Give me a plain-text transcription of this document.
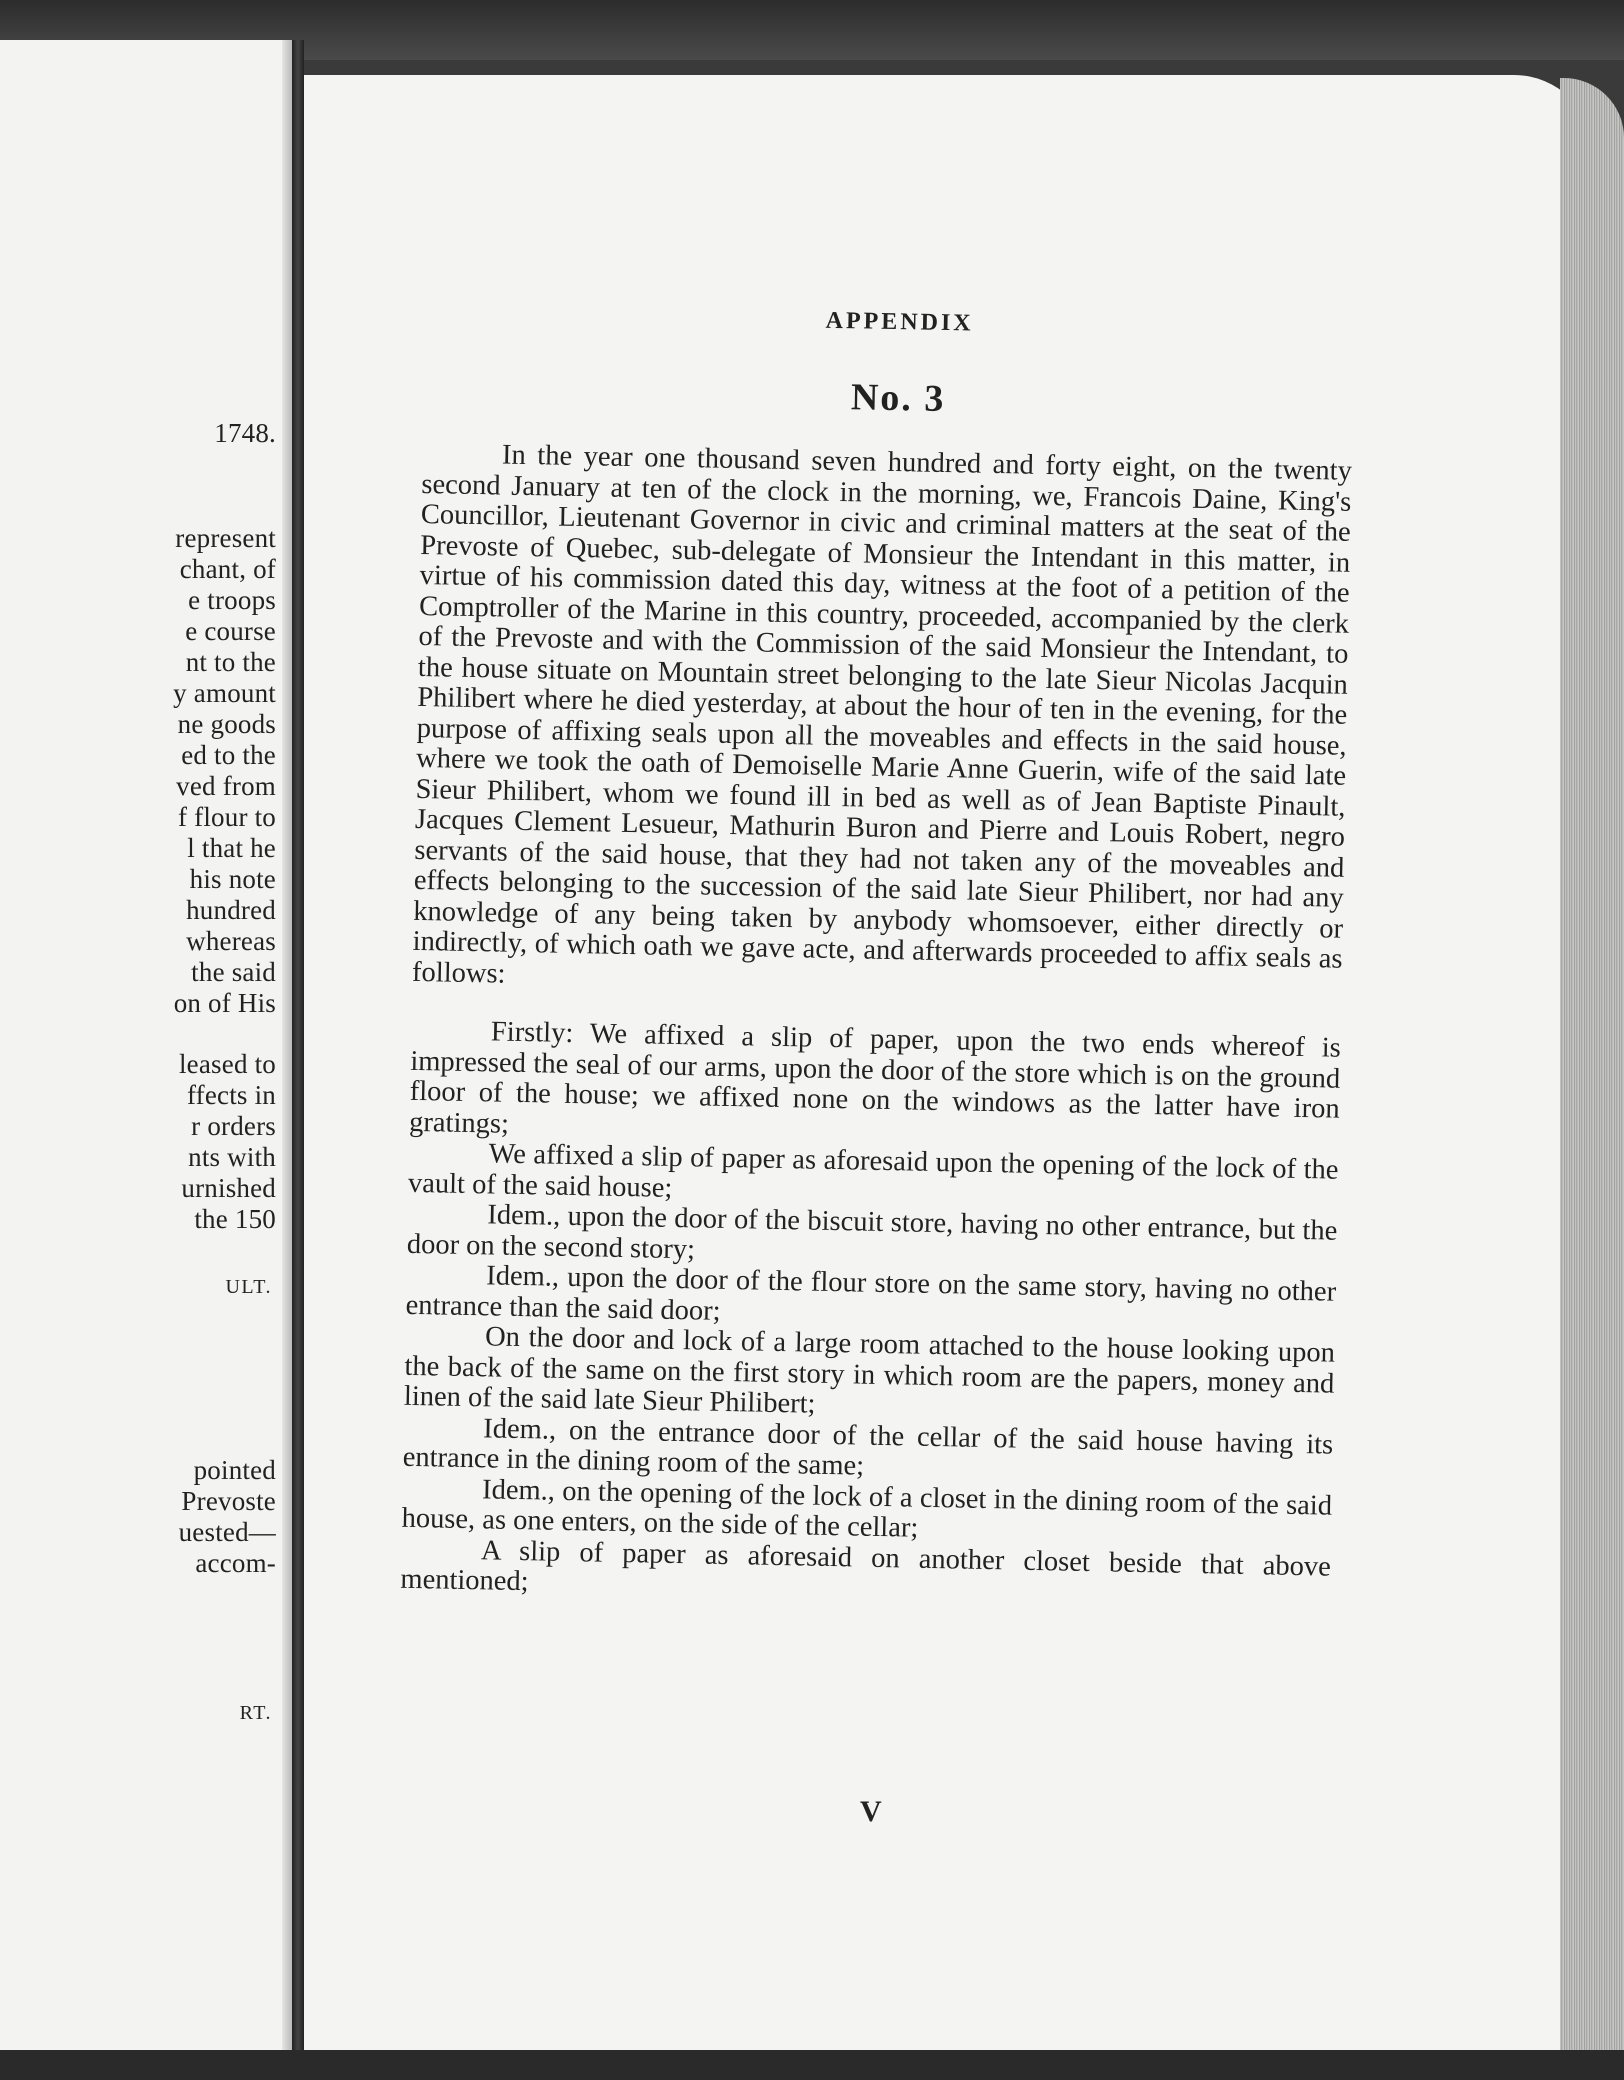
1748.
represent
chant, of
e troops
e course
nt to the
y amount
ne goods
ed to the
ved from
f flour to
l that he
his note
hundred
whereas
the said
on of His
leased to
ffects in
r orders
nts with
urnished
the 150
pointed
Prevoste
uested—
accom-
ULT.
RT.
APPENDIX
No. 3

In the year one thousand seven hundred and forty eight, on the twenty second January at ten of the clock in the morning, we, Francois Daine, King's Councillor, Lieutenant Governor in civic and criminal matters at the seat of the Prevoste of Quebec, sub-delegate of Monsieur the Intendant in this matter, in virtue of his commission dated this day, witness at the foot of a petition of the Comptroller of the Marine in this country, proceeded, accompanied by the clerk of the Prevoste and with the Commission of the said Monsieur the Intendant, to the house situate on Mountain street belonging to the late Sieur Nicolas Jacquin Philibert where he died yesterday, at about the hour of ten in the evening, for the purpose of affixing seals upon all the moveables and effects in the said house, where we took the oath of Demoiselle Marie Anne Guerin, wife of the said late Sieur Philibert, whom we found ill in bed as well as of Jean Baptiste Pinault, Jacques Clement Lesueur, Mathurin Buron and Pierre and Louis Robert, negro servants of the said house, that they had not taken any of the moveables and effects belonging to the succession of the said late Sieur Philibert, nor had any knowledge of any being taken by anybody whomsoever, either directly or indirectly, of which oath we gave acte, and afterwards proceeded to affix seals as follows:

Firstly: We affixed a slip of paper, upon the two ends whereof is impressed the seal of our arms, upon the door of the store which is on the ground floor of the house; we affixed none on the windows as the latter have iron gratings;

We affixed a slip of paper as aforesaid upon the opening of the lock of the vault of the said house;

Idem., upon the door of the biscuit store, having no other entrance, but the door on the second story;

Idem., upon the door of the flour store on the same story, having no other entrance than the said door;

On the door and lock of a large room attached to the house looking upon the back of the same on the first story in which room are the papers, money and linen of the said late Sieur Philibert;

Idem., on the entrance door of the cellar of the said house having its entrance in the dining room of the same;

Idem., on the opening of the lock of a closet in the dining room of the said house, as one enters, on the side of the cellar;

A slip of paper as aforesaid on another closet beside that above mentioned;

V
